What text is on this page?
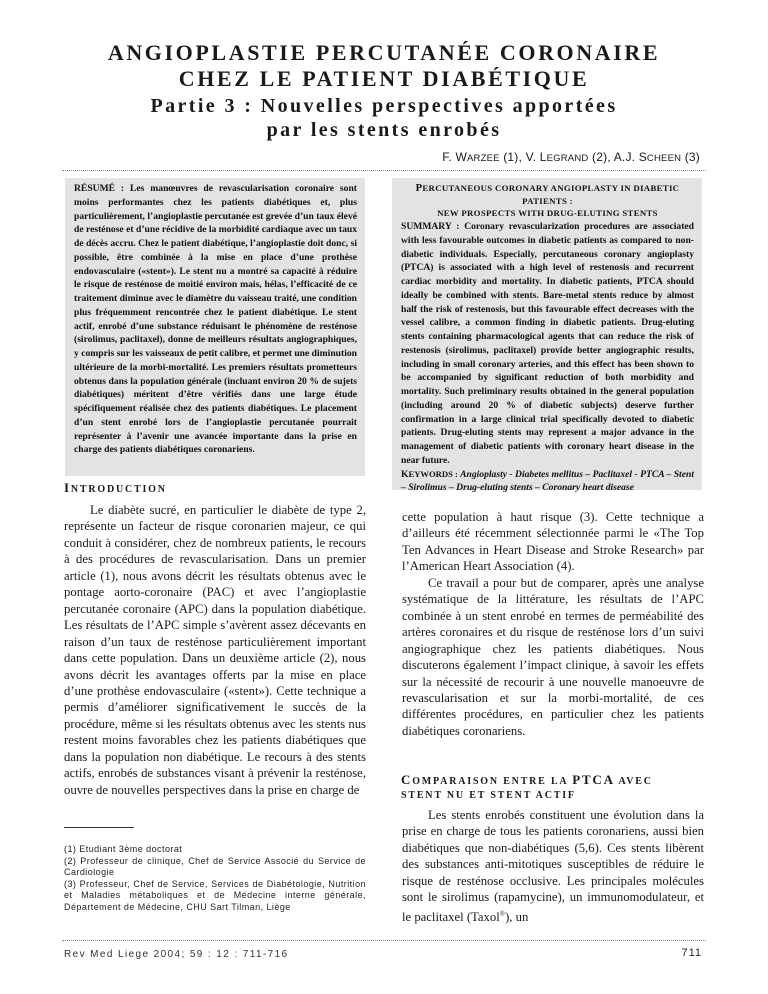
ANGIOPLASTIE PERCUTANÉE CORONAIRE
CHEZ LE PATIENT DIABÉTIQUE
Partie 3 : Nouvelles perspectives apportées
par les stents enrobés
F. WARZEE (1), V. LEGRAND (2), A.J. SCHEEN (3)
RÉSUMÉ : Les manœuvres de revascularisation coronaire sont moins performantes chez les patients diabétiques et, plus particulièrement, l’angioplastie percutanée est grevée d’un taux élevé de resténose et d’une récidive de la morbidité cardiaque avec un taux de décès accru. Chez le patient diabétique, l’angioplastie doit donc, si possible, être combinée à la mise en place d’une prothèse endovasculaire («stent»). Le stent nu a montré sa capacité à réduire le risque de resténose de moitié environ mais, hélas, l’efficacité de ce traitement diminue avec le diamètre du vaisseau traité, une condition plus fréquemment rencontrée chez le patient diabétique. Le stent actif, enrobé d’une substance réduisant le phénomène de resténose (sirolimus, paclitaxel), donne de meilleurs résultats angiographiques, y compris sur les vaisseaux de petit calibre, et permet une diminution ultérieure de la morbi-mortalité. Les premiers résultats prometteurs obtenus dans la population générale (incluant environ 20 % de sujets diabétiques) méritent d’être vérifiés dans une large étude spécifiquement réalisée chez des patients diabétiques. Le placement d’un stent enrobé lors de l’angioplastie percutanée pourrait représenter à l’avenir une avancée importante dans la prise en charge des patients diabétiques coronariens.
PERCUTANEOUS CORONARY ANGIOPLASTY IN DIABETIC PATIENTS :
NEW PROSPECTS WITH DRUG-ELUTING STENTS
SUMMARY : Coronary revascularization procedures are associated with less favourable outcomes in diabetic patients as compared to non-diabetic individuals. Especially, percutaneous coronary angioplasty (PTCA) is associated with a high level of restenosis and recurrent cardiac morbidity and mortality. In diabetic patients, PTCA should ideally be combined with stents. Bare-metal stents reduce by almost half the risk of restenosis, but this favourable effect decreases with the vessel calibre, a common finding in diabetic patients. Drug-eluting stents containing pharmacological agents that can reduce the risk of restenosis (sirolimus, paclitaxel) provide better angiographic results, including in small coronary arteries, and this effect has been shown to be accompanied by significant reduction of both morbidity and mortality. Such preliminary results obtained in the general population (including around 20 % of diabetic subjects) deserve further confirmation in a large clinical trial specifically devoted to diabetic patients. Drug-eluting stents may represent a major advance in the management of diabetic patients with coronary heart disease in the near future.
KEYWORDS : Angioplasty - Diabetes mellitus – Paclitaxel - PTCA – Stent – Sirolimus – Drug-eluting stents – Coronary heart disease
INTRODUCTION

Le diabète sucré, en particulier le diabète de type 2, représente un facteur de risque coronarien majeur, ce qui conduit à considérer, chez de nombreux patients, le recours à des procédures de revascularisation. Dans un premier article (1), nous avons décrit les résultats obtenus avec le pontage aorto-coronaire (PAC) et avec l’angioplastie percutanée coronaire (APC) dans la population diabétique. Les résultats de l’APC simple s’avèrent assez décevants en raison d’un taux de resténose particulièrement important dans cette population. Dans un deuxième article (2), nous avons décrit les avantages offerts par la mise en place d’une prothèse endovasculaire («stent»). Cette technique a permis d’améliorer significativement le succès de la procédure, même si les résultats obtenus avec les stents nus restent moins favorables chez les patients diabétiques que dans la population non diabétique. Le recours à des stents actifs, enrobés de substances visant à prévenir la resténose, ouvre de nouvelles perspectives dans la prise en charge de

cette population à haut risque (3). Cette technique a d’ailleurs été récemment sélectionnée parmi le «The Top Ten Advances in Heart Disease and Stroke Research» par l’American Heart Association (4).

Ce travail a pour but de comparer, après une analyse systématique de la littérature, les résultats de l’APC combinée à un stent enrobé en termes de perméabilité des artères coronaires et du risque de resténose lors d’un suivi angiographique chez les patients diabétiques. Nous discuterons également l’impact clinique, à savoir les effets sur la nécessité de recourir à une nouvelle manoeuvre de revascularisation et sur la morbi-mortalité, de ces différentes procédures, en particulier chez les patients diabétiques coronariens.

COMPARAISON ENTRE LA PTCA AVEC
STENT NU ET STENT ACTIF

Les stents enrobés constituent une évolution dans la prise en charge de tous les patients coronariens, aussi bien diabétiques que non-diabétiques (5,6). Ces stents libèrent des substances anti-mitotiques susceptibles de réduire le risque de resténose occlusive. Les principales molécules sont le sirolimus (rapamycine), un immunomodulateur, et le paclitaxel (Taxol®), un

(1) Etudiant 3ème doctorat
(2) Professeur de clinique, Chef de Service Associé du Service de Cardiologie
(3) Professeur, Chef de Service, Services de Diabétologie, Nutrition et Maladies métaboliques et de Médecine interne générale, Département de Médecine, CHU Sart Tilman, Liège
Rev Med Liege 2004; 59 : 12 : 711-716	711
